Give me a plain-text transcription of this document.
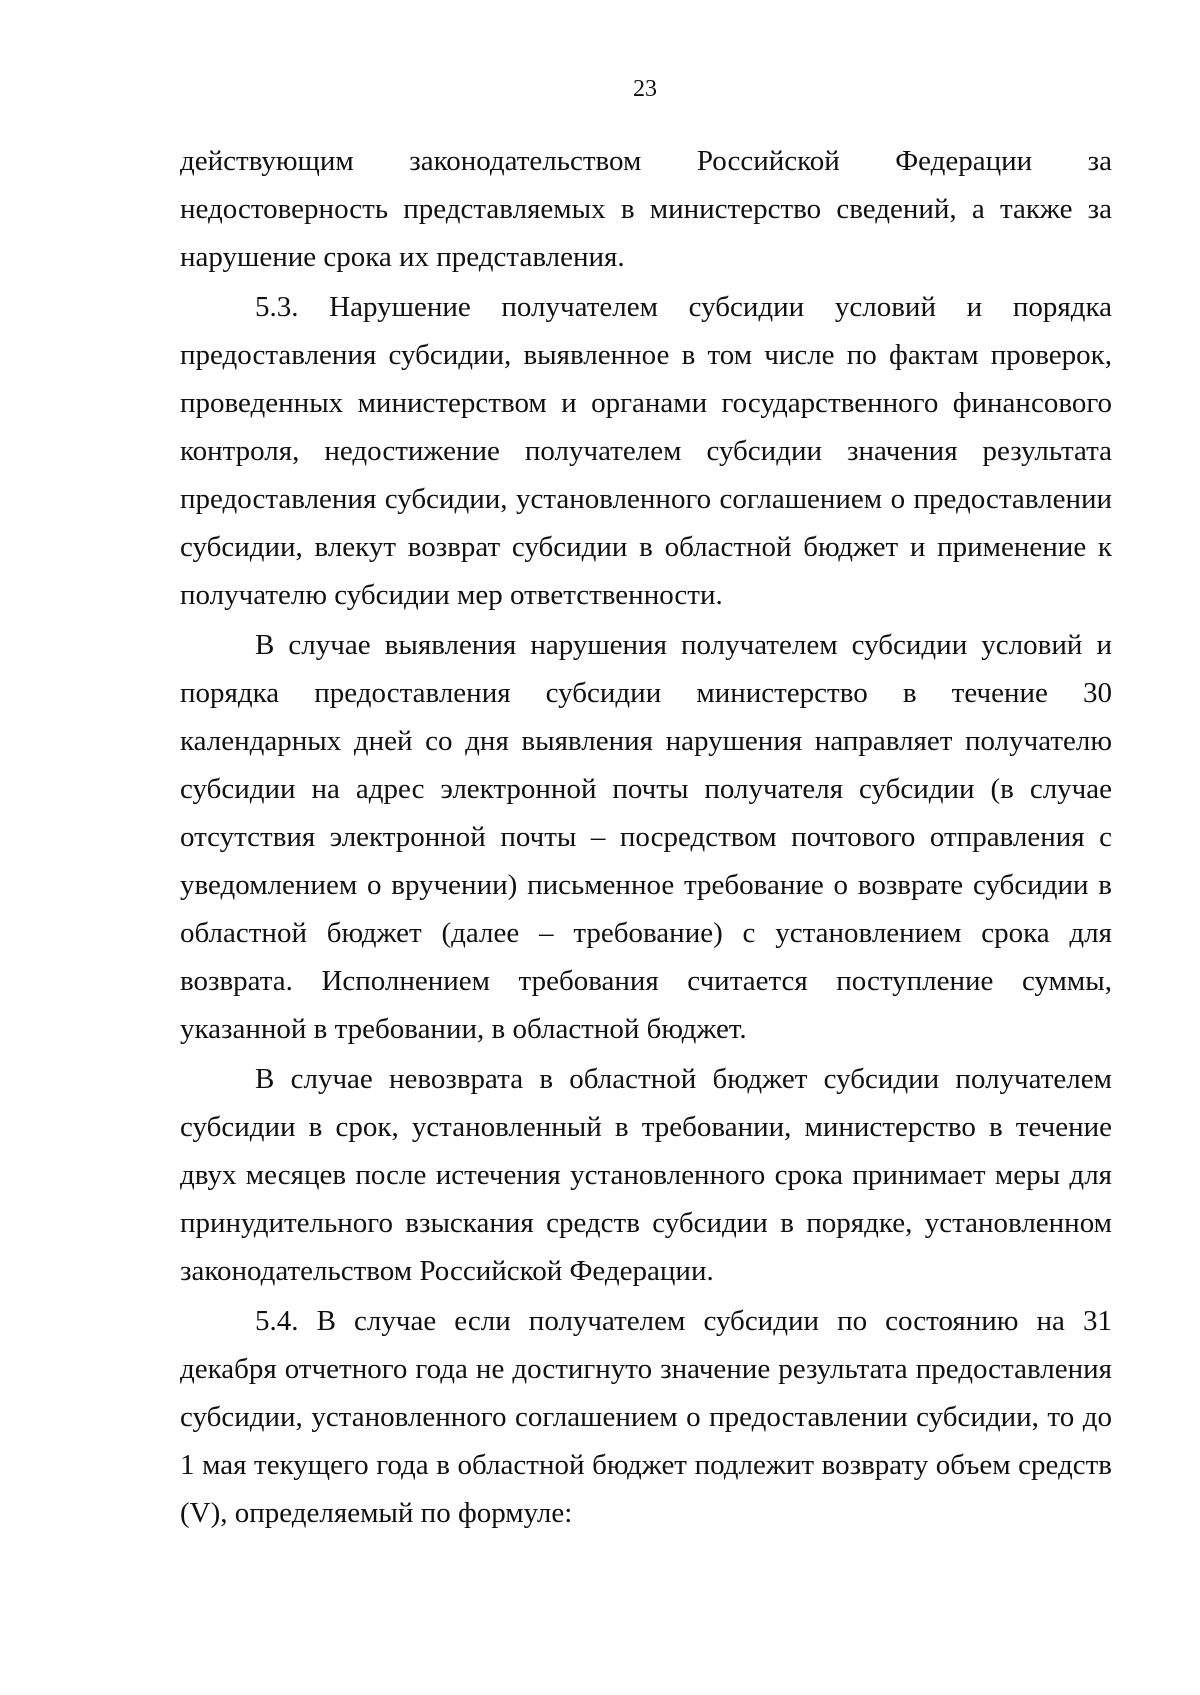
23

действующим законодательством Российской Федерации за недостоверность представляемых в министерство сведений, а также за нарушение срока их представления.

5.3. Нарушение получателем субсидии условий и порядка предоставления субсидии, выявленное в том числе по фактам проверок, проведенных министерством и органами государственного финансового контроля, недостижение получателем субсидии значения результата предоставления субсидии, установленного соглашением о предоставлении субсидии, влекут возврат субсидии в областной бюджет и применение к получателю субсидии мер ответственности.

В случае выявления нарушения получателем субсидии условий и порядка предоставления субсидии министерство в течение 30 календарных дней со дня выявления нарушения направляет получателю субсидии на адрес электронной почты получателя субсидии (в случае отсутствия электронной почты – посредством почтового отправления с уведомлением о вручении) письменное требование о возврате субсидии в областной бюджет (далее – требование) с установлением срока для возврата. Исполнением требования считается поступление суммы, указанной в требовании, в областной бюджет.

В случае невозврата в областной бюджет субсидии получателем субсидии в срок, установленный в требовании, министерство в течение двух месяцев после истечения установленного срока принимает меры для принудительного взыскания средств субсидии в порядке, установленном законодательством Российской Федерации.

5.4. В случае если получателем субсидии по состоянию на 31 декабря отчетного года не достигнуто значение результата предоставления субсидии, установленного соглашением о предоставлении субсидии, то до 1 мая текущего года в областной бюджет подлежит возврату объем средств (V), определяемый по формуле:
